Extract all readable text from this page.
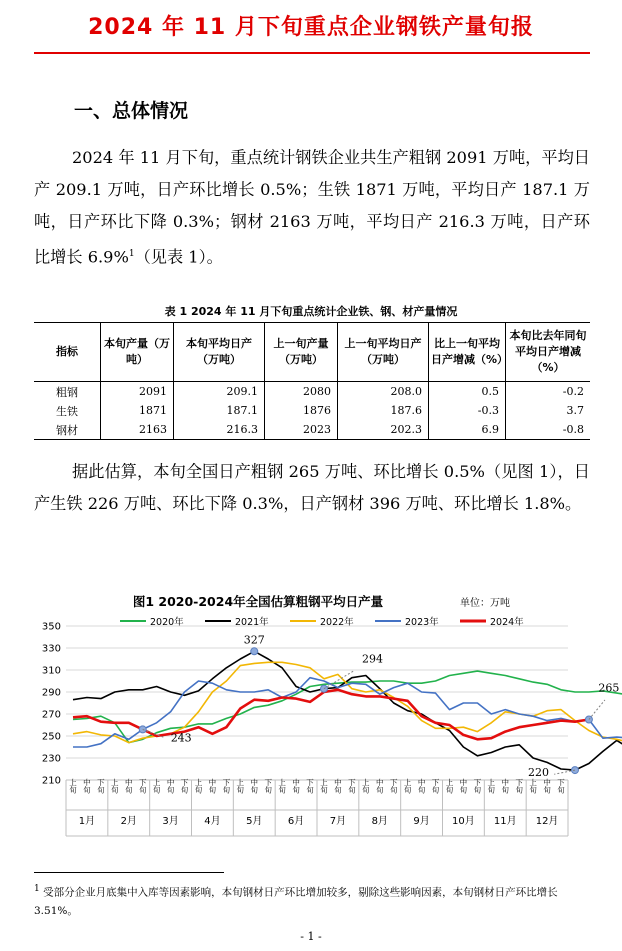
2024 年 11 月下旬重点企业钢铁产量旬报
一、总体情况
2024 年 11 月下旬，重点统计钢铁企业共生产粗钢 2091 万吨，平均日产 209.1 万吨，日产环比增长 0.5%；生铁 1871 万吨，平均日产 187.1 万吨，日产环比下降 0.3%；钢材 2163 万吨，平均日产 216.3 万吨，日产环比增长 6.9%$^1$（见表 1）。
表 1 2024 年 11 月下旬重点统计企业铁、钢、材产量情况
指标	本旬产量（万吨）	本旬平均日产（万吨）	上一旬产量（万吨）	上一旬平均日产（万吨）	比上一旬平均日产增减（%）	本旬比去年同旬平均日产增减（%）
粗钢	2091	209.1	2080	208.0	0.5	-0.2
生铁	1871	187.1	1876	187.6	-0.3	3.7
钢材	2163	216.3	2023	202.3	6.9	-0.8
据此估算，本旬全国日产粗钢 265 万吨、环比增长 0.5%（见图 1），日产生铁 226 万吨、环比下降 0.3%，日产钢材 396 万吨、环比增长 1.8%。
图1 2020-2024年全国估算粗钢平均日产量	单位：万吨
2020年	2021年	2022年	2023年	2024年
210
230
250
270
290
310
330
350
上旬 中旬 下旬 上旬 中旬 下旬 上旬 中旬 下旬 上旬 中旬 下旬 上旬 中旬 下旬 上旬 中旬 下旬 上旬 中旬 下旬 上旬 中旬 下旬 上旬 中旬 下旬 上旬 中旬 下旬 上旬 中旬 下旬 上旬 中旬 下旬
1月	2月	3月	4月	5月	6月	7月	8月	9月 10月 11月 12月
327
294
243
220
265
$^1$ 受部分企业月底集中入库等因素影响，本旬钢材日产环比增加较多，剔除这些影响因素，本旬钢材日产环比增长 3.51%。
- 1 -
